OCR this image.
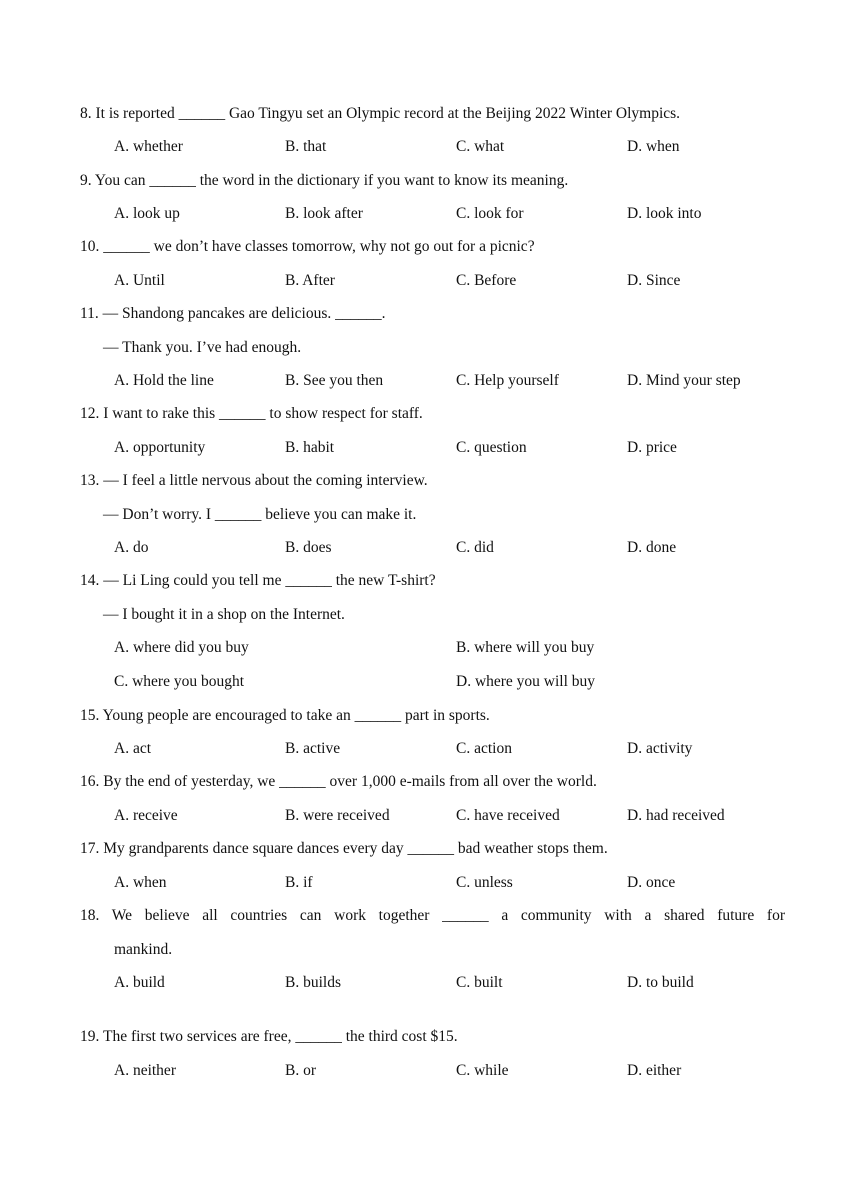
8. It is reported ______ Gao Tingyu set an Olympic record at the Beijing 2022 Winter Olympics.
A. whether	B. that	C. what	D. when
9. You can ______ the word in the dictionary if you want to know its meaning.
A. look up	B. look after	C. look for	D. look into
10. ______ we don’t have classes tomorrow, why not go out for a picnic?
A. Until	B. After	C. Before	D. Since
11. — Shandong pancakes are delicious. ______.
— Thank you. I’ve had enough.
A. Hold the line	B. See you then	C. Help yourself	D. Mind your step
12. I want to rake this ______ to show respect for staff.
A. opportunity	B. habit	C. question	D. price
13. — I feel a little nervous about the coming interview.
— Don’t worry. I ______ believe you can make it.
A. do	B. does	C. did	D. done
14. — Li Ling could you tell me ______ the new T-shirt?
— I bought it in a shop on the Internet.
A. where did you buy	B. where will you buy
C. where you bought	D. where you will buy
15. Young people are encouraged to take an ______ part in sports.
A. act	B. active	C. action	D. activity
16. By the end of yesterday, we ______ over 1,000 e-mails from all over the world.
A. receive	B. were received	C. have received	D. had received
17. My grandparents dance square dances every day ______ bad weather stops them.
A. when	B. if	C. unless	D. once
18. We believe all countries can work together ______ a community with a shared future for
mankind.
A. build	B. builds	C. built	D. to build
19. The first two services are free, ______ the third cost $15.
A. neither	B. or	C. while	D. either
